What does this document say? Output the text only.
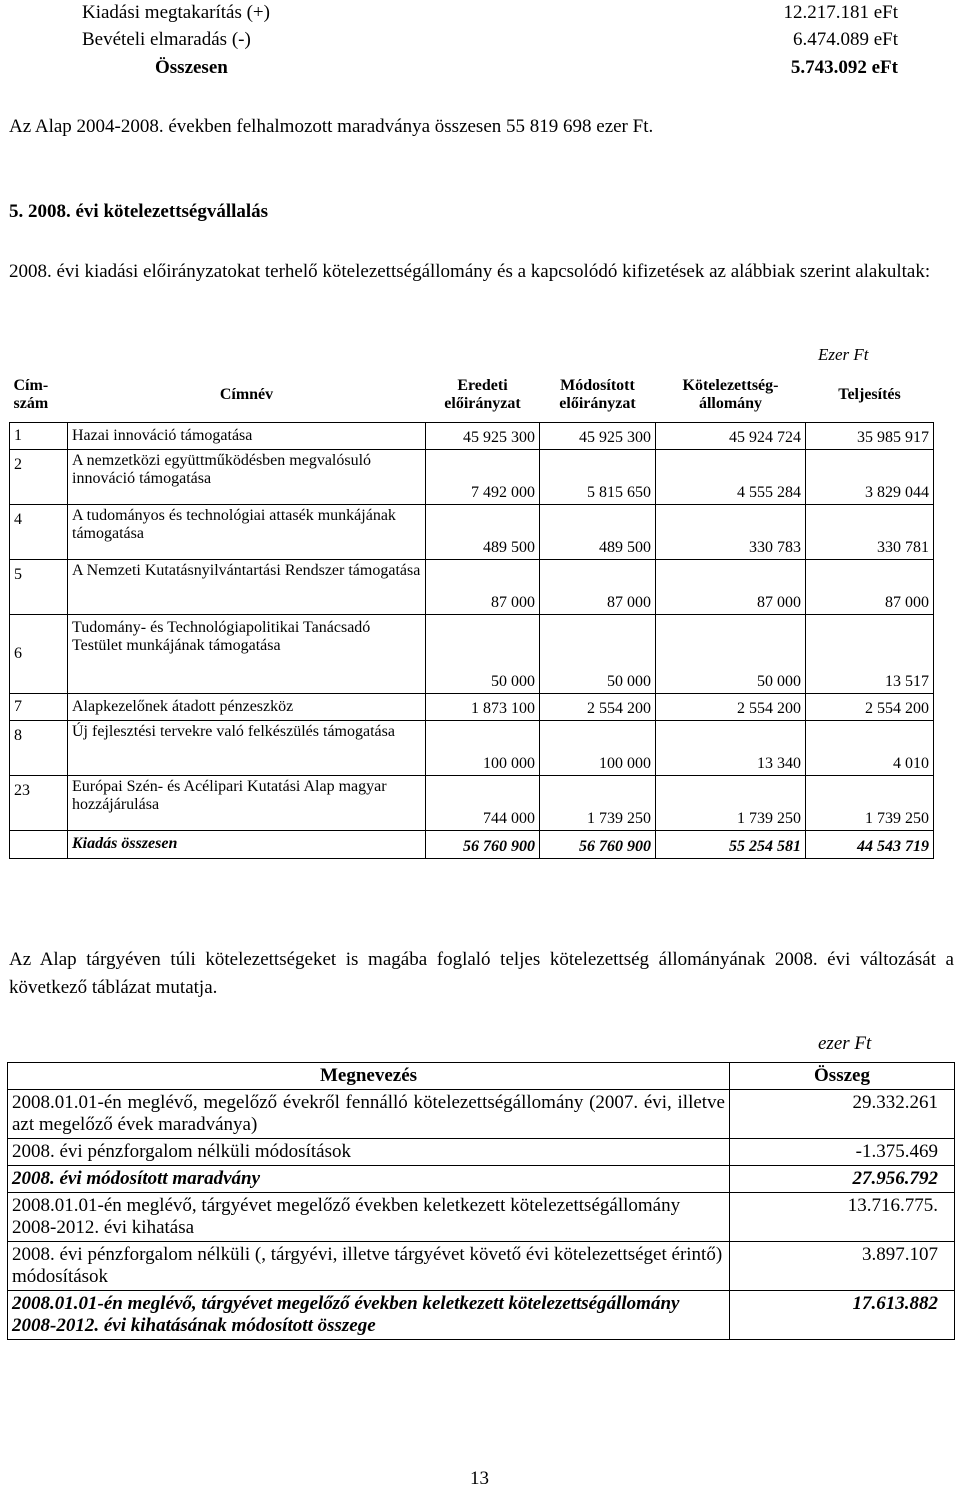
Kiadási megtakarítás (+)	12.217.181 eFt
Bevételi elmaradás (-)	6.474.089 eFt
Összesen	5.743.092 eFt
Az Alap 2004-2008. években felhalmozott maradványa összesen 55 819 698 ezer Ft.
5. 2008. évi kötelezettségvállalás
2008. évi kiadási előirányzatokat terhelő kötelezettségállomány és a kapcsolódó kifizetések az alábbiak szerint alakultak:
Ezer Ft
Cím-szám	Címnév	Eredeti előirányzat	Módosított előirányzat	Kötelezettség-állomány	Teljesítés
1	Hazai innováció támogatása	45 925 300	45 925 300	45 924 724	35 985 917
2	A nemzetközi együttműködésben megvalósuló innováció támogatása	7 492 000	5 815 650	4 555 284	3 829 044
4	A tudományos és technológiai attasék munkájának támogatása	489 500	489 500	330 783	330 781
5	A Nemzeti Kutatásnyilvántartási Rendszer támogatása	87 000	87 000	87 000	87 000
6	Tudomány- és Technológiapolitikai Tanácsadó Testület munkájának támogatása	50 000	50 000	50 000	13 517
7	Alapkezelőnek átadott pénzeszköz	1 873 100	2 554 200	2 554 200	2 554 200
8	Új fejlesztési tervekre való felkészülés támogatása	100 000	100 000	13 340	4 010
23	Európai Szén- és Acélipari Kutatási Alap magyar hozzájárulása	744 000	1 739 250	1 739 250	1 739 250
	Kiadás összesen	56 760 900	56 760 900	55 254 581	44 543 719
Az Alap tárgyéven túli kötelezettségeket is magába foglaló teljes kötelezettség állományának 2008. évi változását a következő táblázat mutatja.
ezer Ft
Megnevezés	Összeg
2008.01.01-én meglévő, megelőző évekről fennálló kötelezettségállomány (2007. évi, illetve azt megelőző évek maradványa)	29.332.261
2008. évi pénzforgalom nélküli módosítások	-1.375.469
2008. évi módosított maradvány	27.956.792
2008.01.01-én meglévő, tárgyévet megelőző években keletkezett kötelezettségállomány 2008-2012. évi kihatása	13.716.775.
2008. évi pénzforgalom nélküli (, tárgyévi, illetve tárgyévet követő évi kötelezettséget érintő) módosítások	3.897.107
2008.01.01-én meglévő, tárgyévet megelőző években keletkezett kötelezettségállomány 2008-2012. évi kihatásának módosított összege	17.613.882
13
